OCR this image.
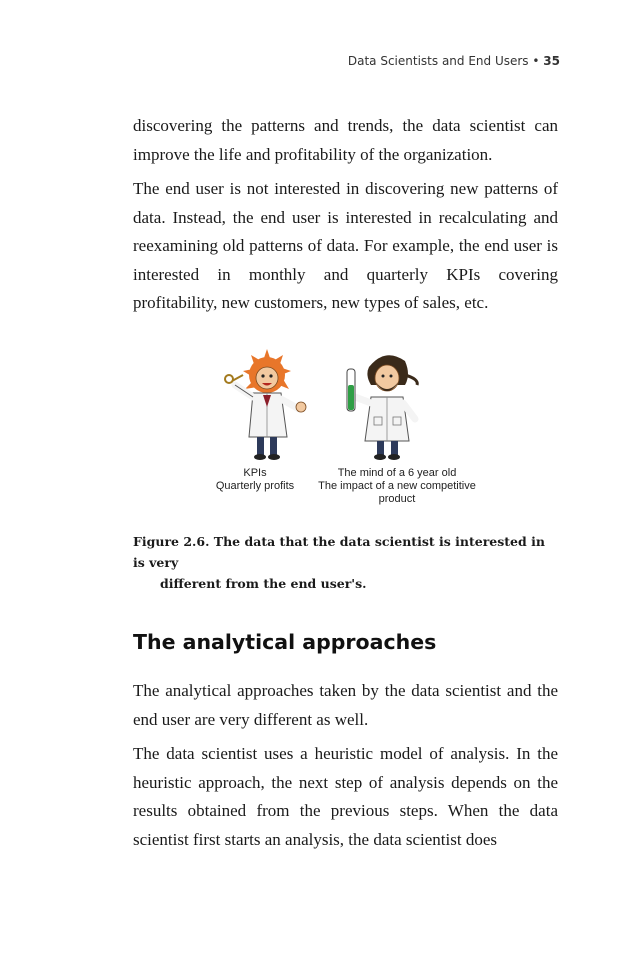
Data Scientists and End Users • 35

discovering the patterns and trends, the data scientist can improve the life and profitability of the organization.

The end user is not interested in discovering new patterns of data. Instead, the end user is interested in recalculating and reexamining old patterns of data. For example, the end user is interested in monthly and quarterly KPIs covering profitability, new customers, new types of sales, etc.

KPIs
Quarterly profits
The mind of a 6 year old
The impact of a new competitive
product
Figure 2.6. The data that the data scientist is interested in is very
different from the end user's.
The analytical approaches

The analytical approaches taken by the data scientist and the end user are very different as well.

The data scientist uses a heuristic model of analysis. In the heuristic approach, the next step of analysis depends on the results obtained from the previous steps. When the data scientist first starts an analysis, the data scientist does
